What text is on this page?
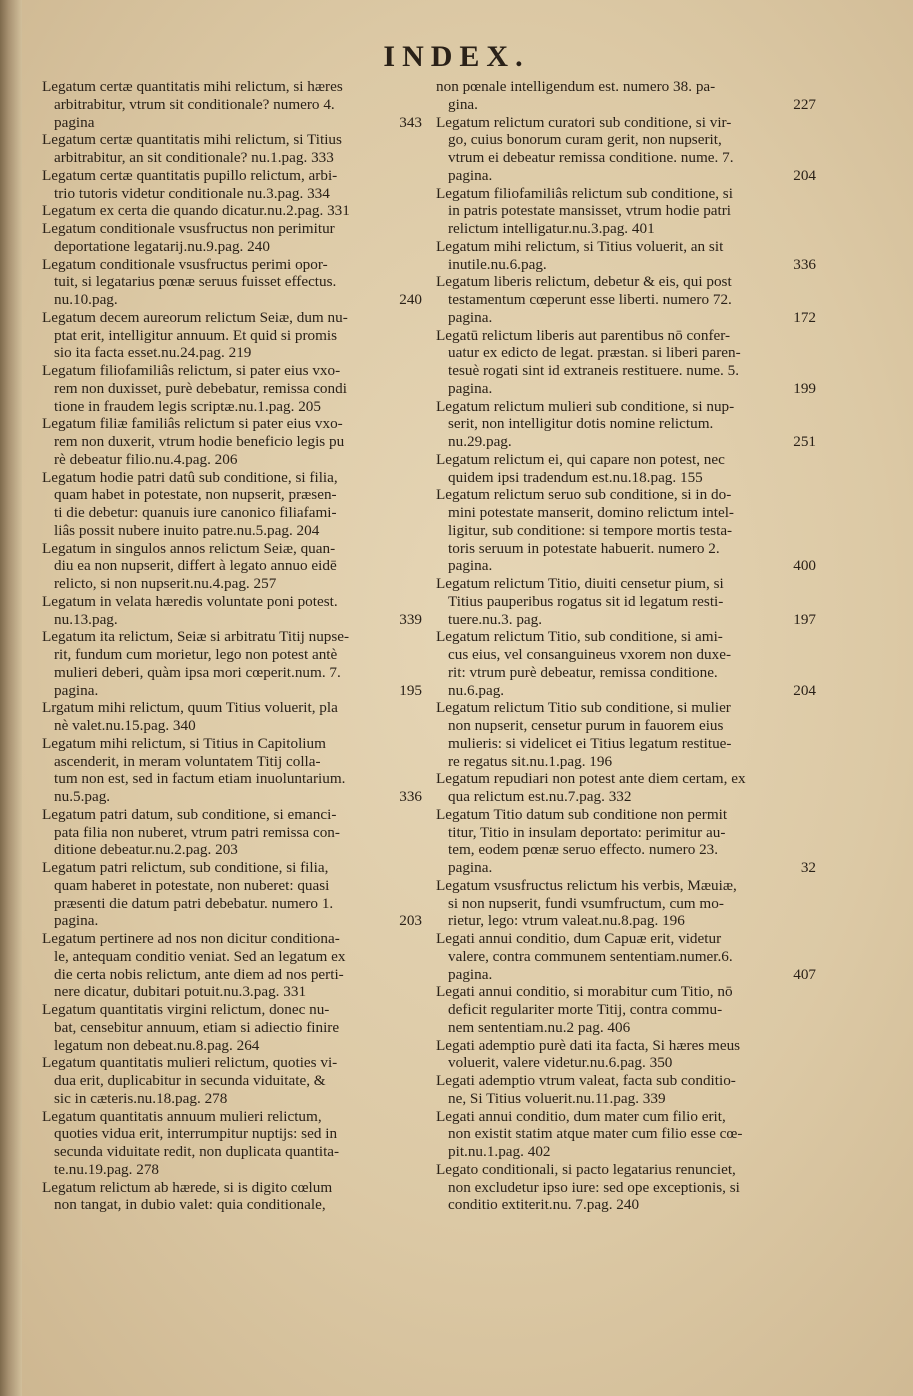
INDEX.
Legatum certæ quantitatis mihi relictum, si hæres
arbitrabitur, vtrum sit conditionale? numero 4.
pagina	343
Legatum certæ quantitatis mihi relictum, si Titius
arbitrabitur, an sit conditionale? nu.1.pag. 333
Legatum certæ quantitatis pupillo relictum, arbi-
trio tutoris videtur conditionale nu.3.pag. 334
Legatum ex certa die quando dicatur.nu.2.pag. 331
Legatum conditionale vsusfructus non perimitur
deportatione legatarij.nu.9.pag. 240
Legatum conditionale vsusfructus perimi opor-
tuit, si legatarius pœnæ seruus fuisset effectus.
nu.10.pag.	240
Legatum decem aureorum relictum Seiæ, dum nu-
ptat erit, intelligitur annuum. Et quid si promis
sio ita facta esset.nu.24.pag. 219
Legatum filiofamiliâs relictum, si pater eius vxo-
rem non duxisset, purè debebatur, remissa condi
tione in fraudem legis scriptæ.nu.1.pag. 205
Legatum filiæ familiâs relictum si pater eius vxo-
rem non duxerit, vtrum hodie beneficio legis pu
rè debeatur filio.nu.4.pag. 206
Legatum hodie patri datû sub conditione, si filia,
quam habet in potestate, non nupserit, præsen-
ti die debetur: quanuis iure canonico filiafami-
liâs possit nubere inuito patre.nu.5.pag. 204
Legatum in singulos annos relictum Seiæ, quan-
diu ea non nupserit, differt à legato annuo eidē
relicto, si non nupserit.nu.4.pag. 257
Legatum in velata hæredis voluntate poni potest.
nu.13.pag.	339
Legatum ita relictum, Seiæ si arbitratu Titij nupse-
rit, fundum cum morietur, lego non potest antè
mulieri deberi, quàm ipsa mori cœperit.num. 7.
pagina.	195
Lrgatum mihi relictum, quum Titius voluerit, pla
nè valet.nu.15.pag. 340
Legatum mihi relictum, si Titius in Capitolium
ascenderit, in meram voluntatem Titij colla-
tum non est, sed in factum etiam inuoluntarium.
nu.5.pag.	336
Legatum patri datum, sub conditione, si emanci-
pata filia non nuberet, vtrum patri remissa con-
ditione debeatur.nu.2.pag. 203
Legatum patri relictum, sub conditione, si filia,
quam haberet in potestate, non nuberet: quasi
præsenti die datum patri debebatur. numero 1.
pagina.	203
Legatum pertinere ad nos non dicitur conditiona-
le, antequam conditio veniat. Sed an legatum ex
die certa nobis relictum, ante diem ad nos perti-
nere dicatur, dubitari potuit.nu.3.pag. 331
Legatum quantitatis virgini relictum, donec nu-
bat, censebitur annuum, etiam si adiectio finire
legatum non debeat.nu.8.pag. 264
Legatum quantitatis mulieri relictum, quoties vi-
dua erit, duplicabitur in secunda viduitate, &
sic in cæteris.nu.18.pag. 278
Legatum quantitatis annuum mulieri relictum,
quoties vidua erit, interrumpitur nuptijs: sed in
secunda viduitate redit, non duplicata quantita-
te.nu.19.pag. 278
Legatum relictum ab hærede, si is digito cœlum
non tangat, in dubio valet: quia conditionale,
non pœnale intelligendum est. numero 38. pa-
gina.	227
Legatum relictum curatori sub conditione, si vir-
go, cuius bonorum curam gerit, non nupserit,
vtrum ei debeatur remissa conditione. nume. 7.
pagina.	204
Legatum filiofamiliâs relictum sub conditione, si
in patris potestate mansisset, vtrum hodie patri
relictum intelligatur.nu.3.pag. 401
Legatum mihi relictum, si Titius voluerit, an sit
inutile.nu.6.pag.	336
Legatum liberis relictum, debetur & eis, qui post
testamentum cœperunt esse liberti. numero 72.
pagina.	172
Legatū relictum liberis aut parentibus nō confer-
uatur ex edicto de legat. præstan. si liberi paren-
tesuè rogati sint id extraneis restituere. nume. 5.
pagina.	199
Legatum relictum mulieri sub conditione, si nup-
serit, non intelligitur dotis nomine relictum.
nu.29.pag.	251
Legatum relictum ei, qui capare non potest, nec
quidem ipsi tradendum est.nu.18.pag. 155
Legatum relictum seruo sub conditione, si in do-
mini potestate manserit, domino relictum intel-
ligitur, sub conditione: si tempore mortis testa-
toris seruum in potestate habuerit. numero 2.
pagina.	400
Legatum relictum Titio, diuiti censetur pium, si
Titius pauperibus rogatus sit id legatum resti-
tuere.nu.3. pag.	197
Legatum relictum Titio, sub conditione, si ami-
cus eius, vel consanguineus vxorem non duxe-
rit: vtrum purè debeatur, remissa conditione.
nu.6.pag.	204
Legatum relictum Titio sub conditione, si mulier
non nupserit, censetur purum in fauorem eius
mulieris: si videlicet ei Titius legatum restitue-
re regatus sit.nu.1.pag. 196
Legatum repudiari non potest ante diem certam, ex
qua relictum est.nu.7.pag. 332
Legatum Titio datum sub conditione non permit
titur, Titio in insulam deportato: perimitur au-
tem, eodem pœnæ seruo effecto. numero 23.
pagina.	32
Legatum vsusfructus relictum his verbis, Mæuiæ,
si non nupserit, fundi vsumfructum, cum mo-
rietur, lego: vtrum valeat.nu.8.pag. 196
Legati annui conditio, dum Capuæ erit, videtur
valere, contra communem sententiam.numer.6.
pagina.	407
Legati annui conditio, si morabitur cum Titio, nō
deficit regulariter morte Titij, contra commu-
nem sententiam.nu.2 pag. 406
Legati ademptio purè dati ita facta, Si hæres meus
voluerit, valere videtur.nu.6.pag. 350
Legati ademptio vtrum valeat, facta sub conditio-
ne, Si Titius voluerit.nu.11.pag. 339
Legati annui conditio, dum mater cum filio erit,
non existit statim atque mater cum filio esse cœ-
pit.nu.1.pag. 402
Legato conditionali, si pacto legatarius renunciet,
non excludetur ipso iure: sed ope exceptionis, si
conditio extiterit.nu. 7.pag. 240
